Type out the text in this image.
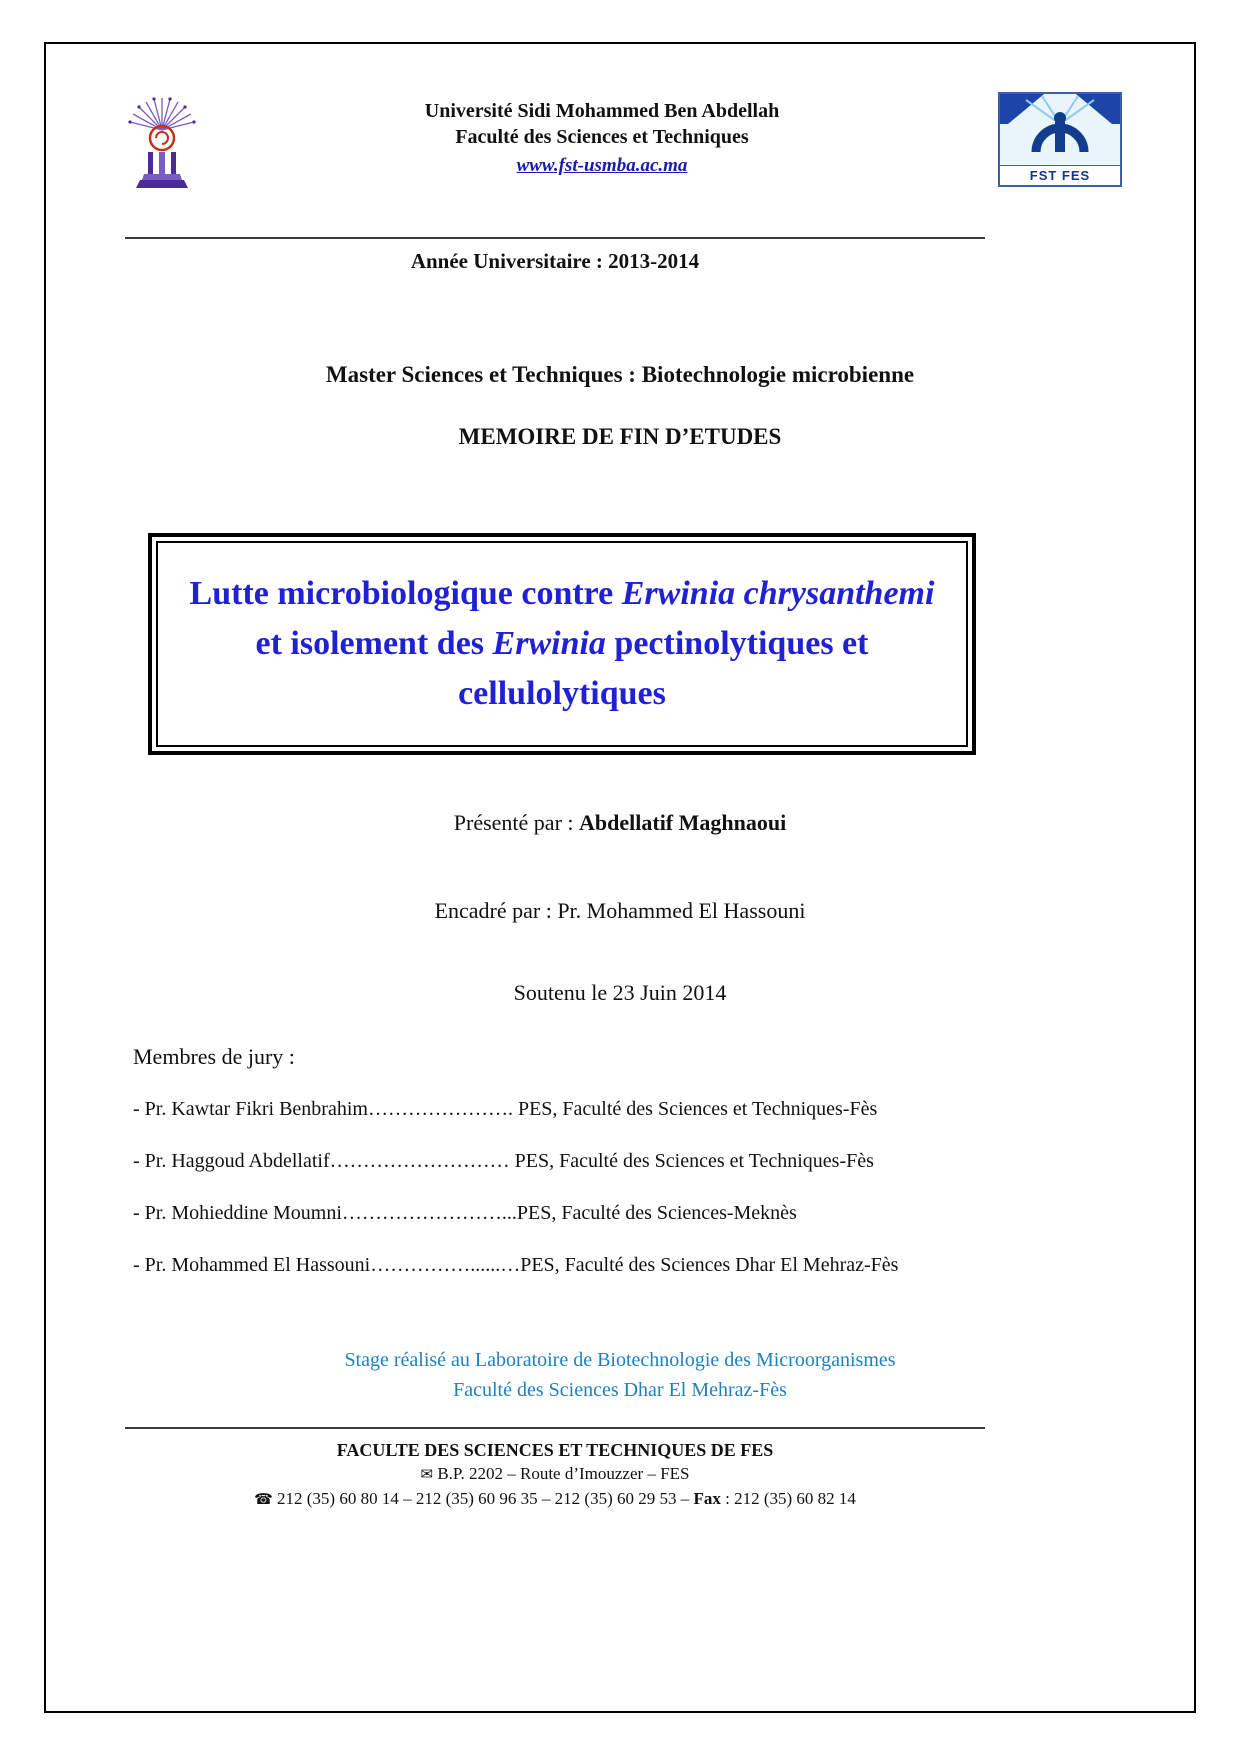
Université Sidi Mohammed Ben Abdellah
Faculté des Sciences et Techniques
www.fst-usmba.ac.ma	FST FES
Année Universitaire : 2013-2014
Master Sciences et Techniques : Biotechnologie microbienne
MEMOIRE DE FIN D’ETUDES
Lutte microbiologique contre Erwinia chrysanthemi et isolement des Erwinia pectinolytiques et cellulolytiques
Présenté par : Abdellatif Maghnaoui
Encadré par : Pr. Mohammed El Hassouni
Soutenu le 23 Juin 2014
Membres de jury :

- Pr. Kawtar Fikri Benbrahim…………………. PES, Faculté des Sciences et Techniques-Fès

- Pr. Haggoud Abdellatif……………………… PES, Faculté des Sciences et Techniques-Fès

- Pr. Mohieddine Moumni……………………...PES, Faculté des Sciences-Meknès

- Pr. Mohammed El Hassouni……………......…PES, Faculté des Sciences Dhar El Mehraz-Fès

Stage réalisé au Laboratoire de Biotechnologie des Microorganismes
Faculté des Sciences Dhar El Mehraz-Fès
FACULTE DES SCIENCES ET TECHNIQUES DE FES
✉ B.P. 2202 – Route d’Imouzzer – FES
☎ 212 (35) 60 80 14 – 212 (35) 60 96 35 – 212 (35) 60 29 53 – Fax : 212 (35) 60 82 14
